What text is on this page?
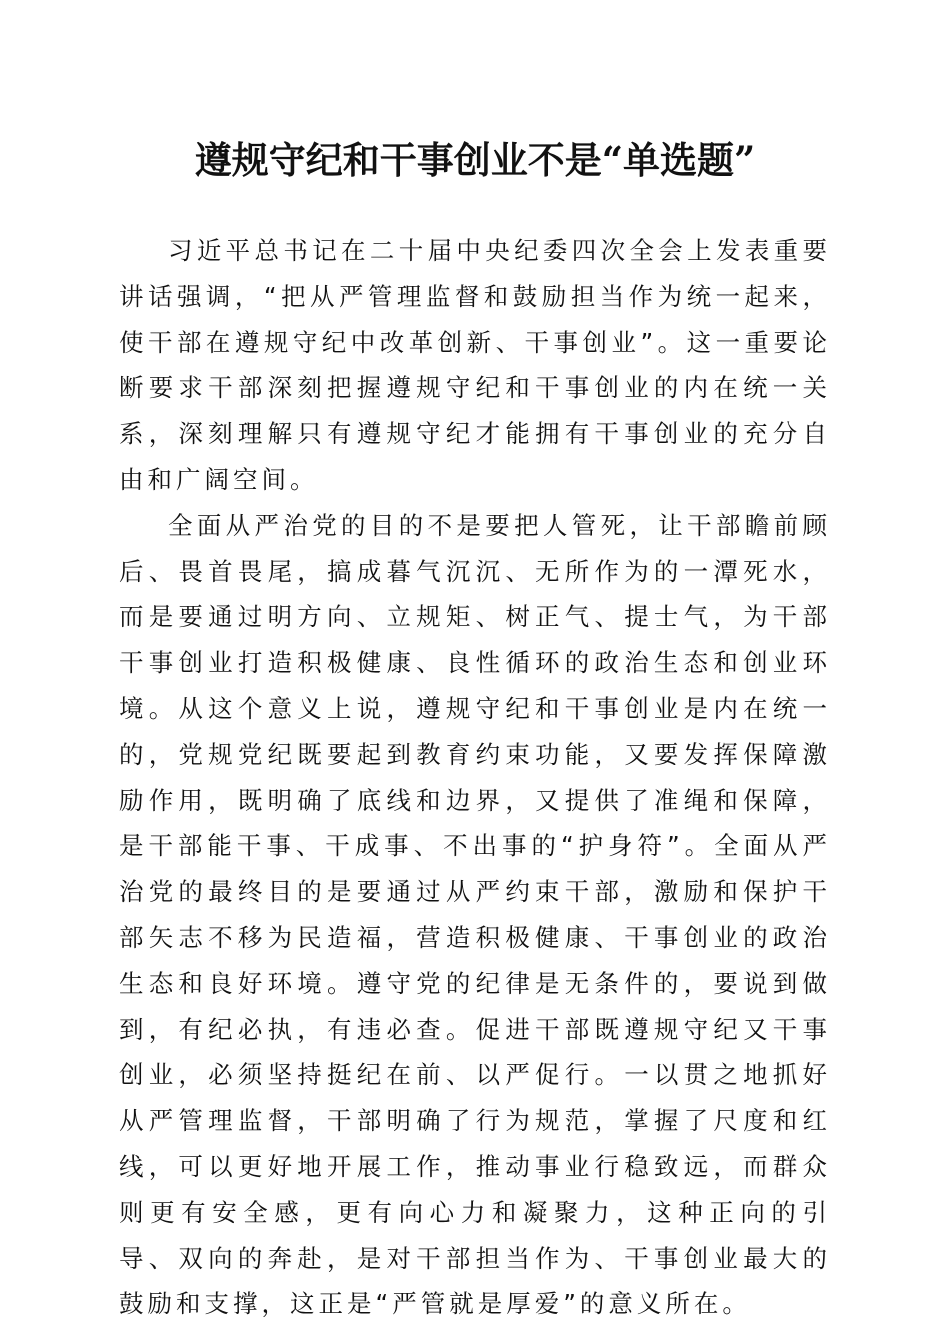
遵规守纪和干事创业不是“单选题”

习近平总书记在二十届中央纪委四次全会上发表重要讲话强调，“把从严管理监督和鼓励担当作为统一起来，使干部在遵规守纪中改革创新、干事创业”。这一重要论断要求干部深刻把握遵规守纪和干事创业的内在统一关系，深刻理解只有遵规守纪才能拥有干事创业的充分自由和广阔空间。

全面从严治党的目的不是要把人管死，让干部瞻前顾后、畏首畏尾，搞成暮气沉沉、无所作为的一潭死水，而是要通过明方向、立规矩、树正气、提士气，为干部干事创业打造积极健康、良性循环的政治生态和创业环境。从这个意义上说，遵规守纪和干事创业是内在统一的，党规党纪既要起到教育约束功能，又要发挥保障激励作用，既明确了底线和边界，又提供了准绳和保障，是干部能干事、干成事、不出事的“护身符”。全面从严治党的最终目的是要通过从严约束干部，激励和保护干部矢志不移为民造福，营造积极健康、干事创业的政治生态和良好环境。遵守党的纪律是无条件的，要说到做到，有纪必执，有违必查。促进干部既遵规守纪又干事创业，必须坚持挺纪在前、以严促行。一以贯之地抓好从严管理监督，干部明确了行为规范，掌握了尺度和红线，可以更好地开展工作，推动事业行稳致远，而群众则更有安全感，更有向心力和凝聚力，这种正向的引导、双向的奔赴，是对干部担当作为、干事创业最大的鼓励和支撑，这正是“严管就是厚爱”的意义所在。
